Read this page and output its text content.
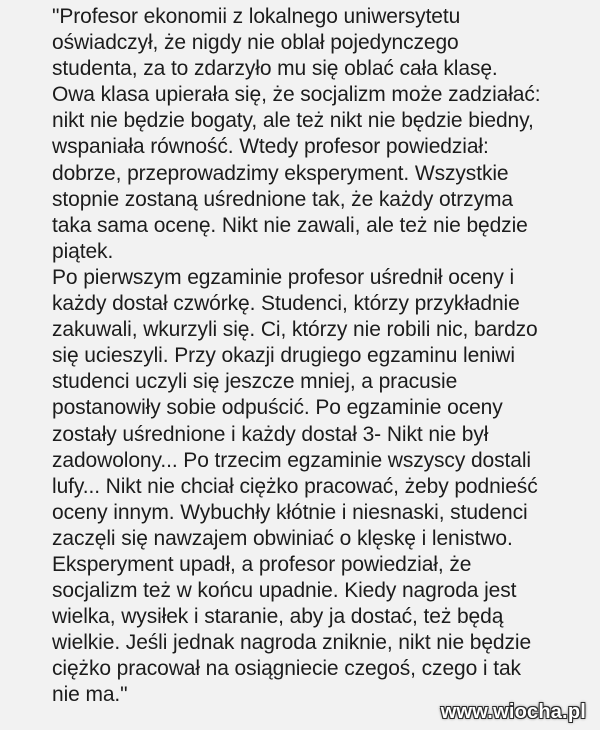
"Profesor ekonomii z lokalnego uniwersytetu
oświadczył, że nigdy nie oblał pojedynczego
studenta, za to zdarzyło mu się oblać cała klasę.
Owa klasa upierała się, że socjalizm może zadziałać:
nikt nie będzie bogaty, ale też nikt nie będzie biedny,
wspaniała równość. Wtedy profesor powiedział:
dobrze, przeprowadzimy eksperyment. Wszystkie
stopnie zostaną uśrednione tak, że każdy otrzyma
taka sama ocenę. Nikt nie zawali, ale też nie będzie
piątek.
Po pierwszym egzaminie profesor uśrednił oceny i
każdy dostał czwórkę. Studenci, którzy przykładnie
zakuwali, wkurzyli się. Ci, którzy nie robili nic, bardzo
się ucieszyli. Przy okazji drugiego egzaminu leniwi
studenci uczyli się jeszcze mniej, a pracusie
postanowiły sobie odpuścić. Po egzaminie oceny
zostały uśrednione i każdy dostał 3- Nikt nie był
zadowolony... Po trzecim egzaminie wszyscy dostali
lufy... Nikt nie chciał ciężko pracować, żeby podnieść
oceny innym. Wybuchły kłótnie i niesnaski, studenci
zaczęli się nawzajem obwiniać o klęskę i lenistwo.
Eksperyment upadł, a profesor powiedział, że
socjalizm też w końcu upadnie. Kiedy nagroda jest
wielka, wysiłek i staranie, aby ja dostać, też będą
wielkie. Jeśli jednak nagroda zniknie, nikt nie będzie
ciężko pracował na osiągniecie czegoś, czego i tak
nie ma."
www.wiocha.pl
